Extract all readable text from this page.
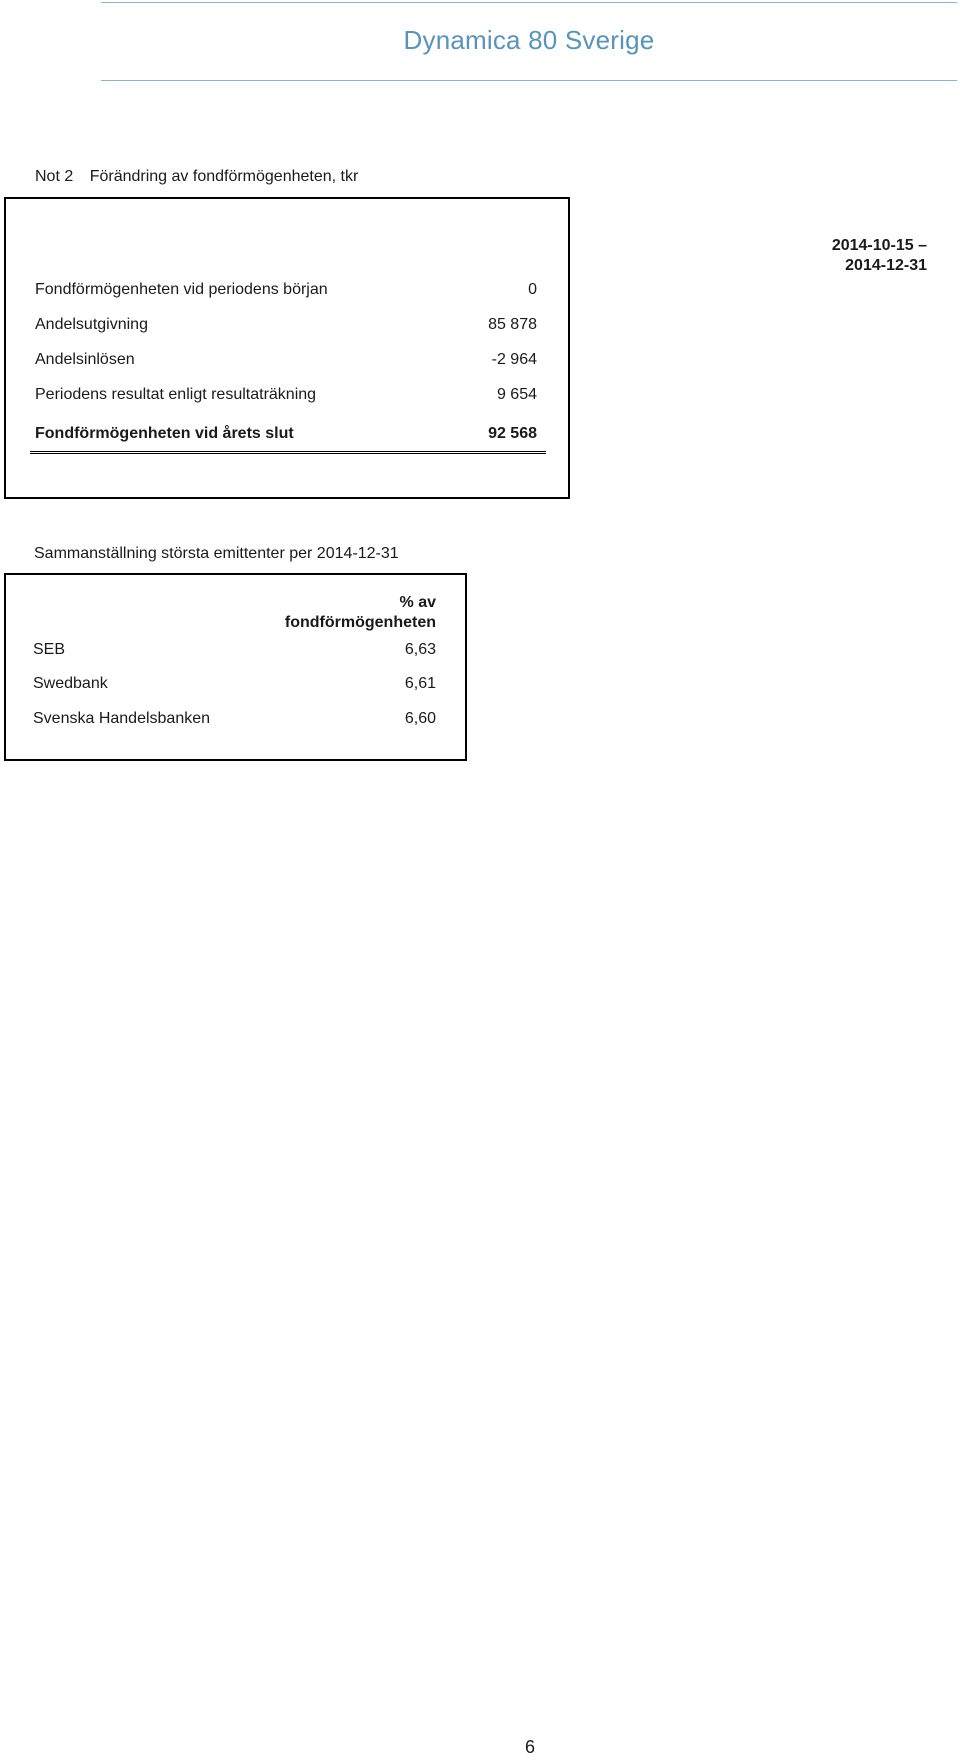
Dynamica 80 Sverige
Not 2 Förändring av fondförmögenheten, tkr
2014-10-15 –
2014-12-31
Fondförmögenheten vid periodens början	0
Andelsutgivning	85 878
Andelsinlösen	-2 964
Periodens resultat enligt resultaträkning	9 654
Fondförmögenheten vid årets slut	92 568
Sammanställning största emittenter per 2014-12-31
% av
fondförmögenheten
SEB	6,63
Swedbank	6,61
Svenska Handelsbanken	6,60
6
